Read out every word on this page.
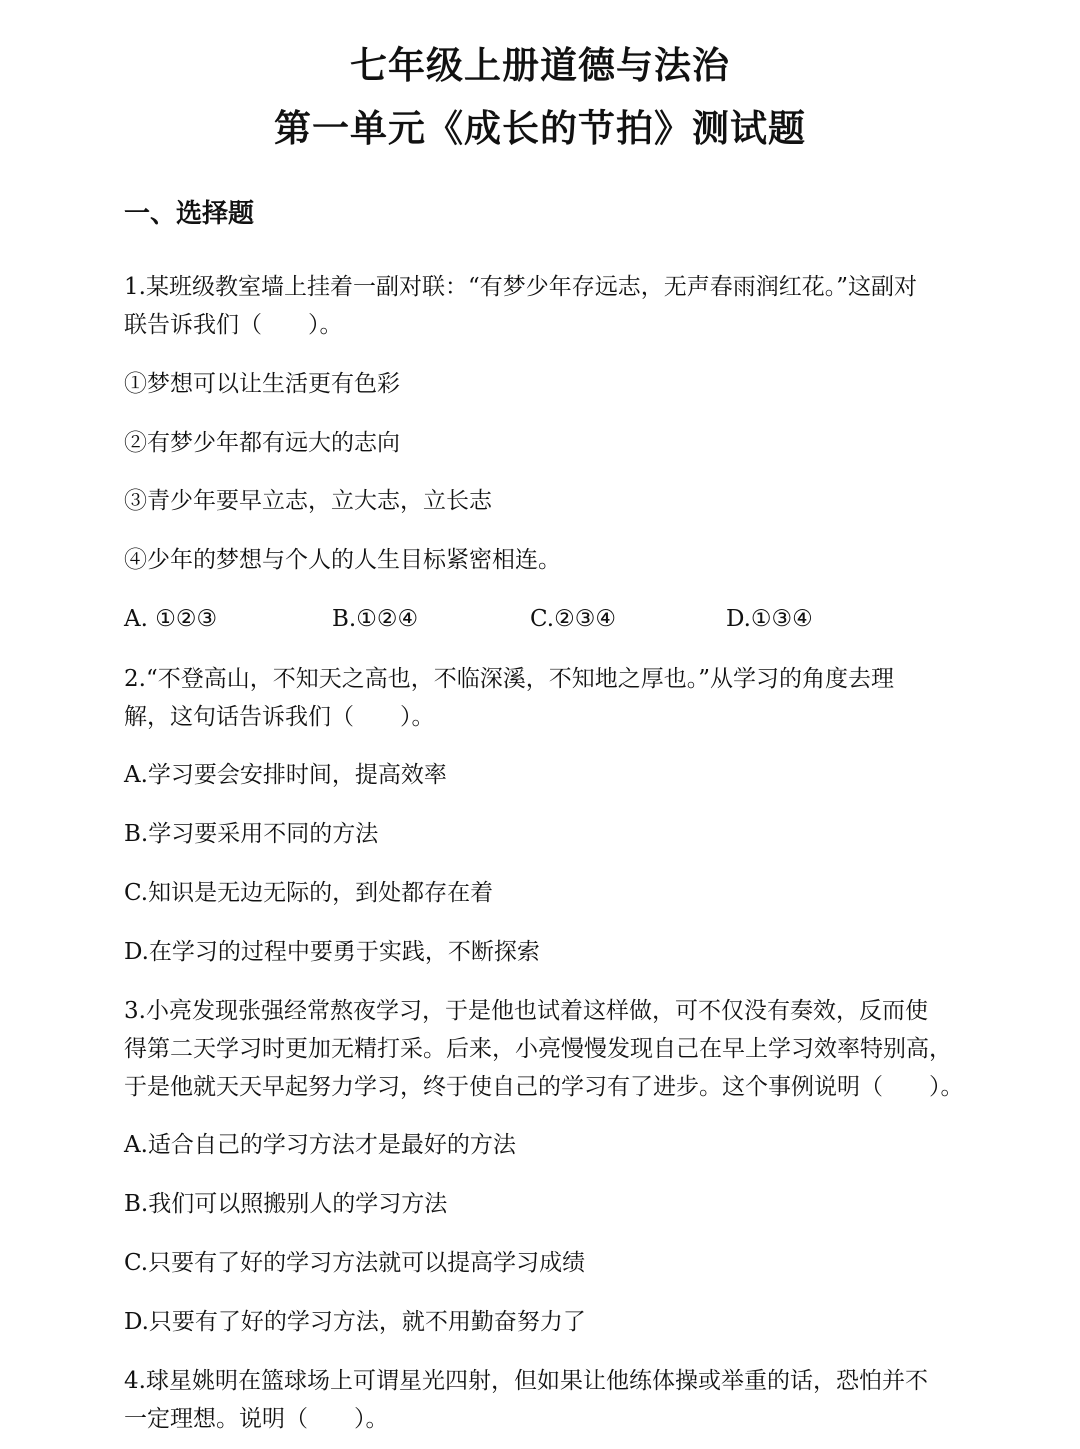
七年级上册道德与法治
第一单元《成长的节拍》测试题
一、选择题

1.某班级教室墙上挂着一副对联：“有梦少年存远志，无声春雨润红花。”这副对

联告诉我们（　　）。

①梦想可以让生活更有色彩

②有梦少年都有远大的志向

③青少年要早立志，立大志，立长志

④少年的梦想与个人的人生目标紧密相连。

A. ①②③	B.①②④	C.②③④	D.①③④

2.“不登高山，不知天之高也，不临深溪，不知地之厚也。”从学习的角度去理

解，这句话告诉我们（　　）。

A.学习要会安排时间，提高效率

B.学习要采用不同的方法

C.知识是无边无际的，到处都存在着

D.在学习的过程中要勇于实践，不断探索

3.小亮发现张强经常熬夜学习，于是他也试着这样做，可不仅没有奏效，反而使

得第二天学习时更加无精打采。后来，小亮慢慢发现自己在早上学习效率特别高，

于是他就天天早起努力学习，终于使自己的学习有了进步。这个事例说明（　　）。

A.适合自己的学习方法才是最好的方法

B.我们可以照搬别人的学习方法

C.只要有了好的学习方法就可以提高学习成绩

D.只要有了好的学习方法，就不用勤奋努力了

4.球星姚明在篮球场上可谓星光四射，但如果让他练体操或举重的话，恐怕并不

一定理想。说明（　　）。
